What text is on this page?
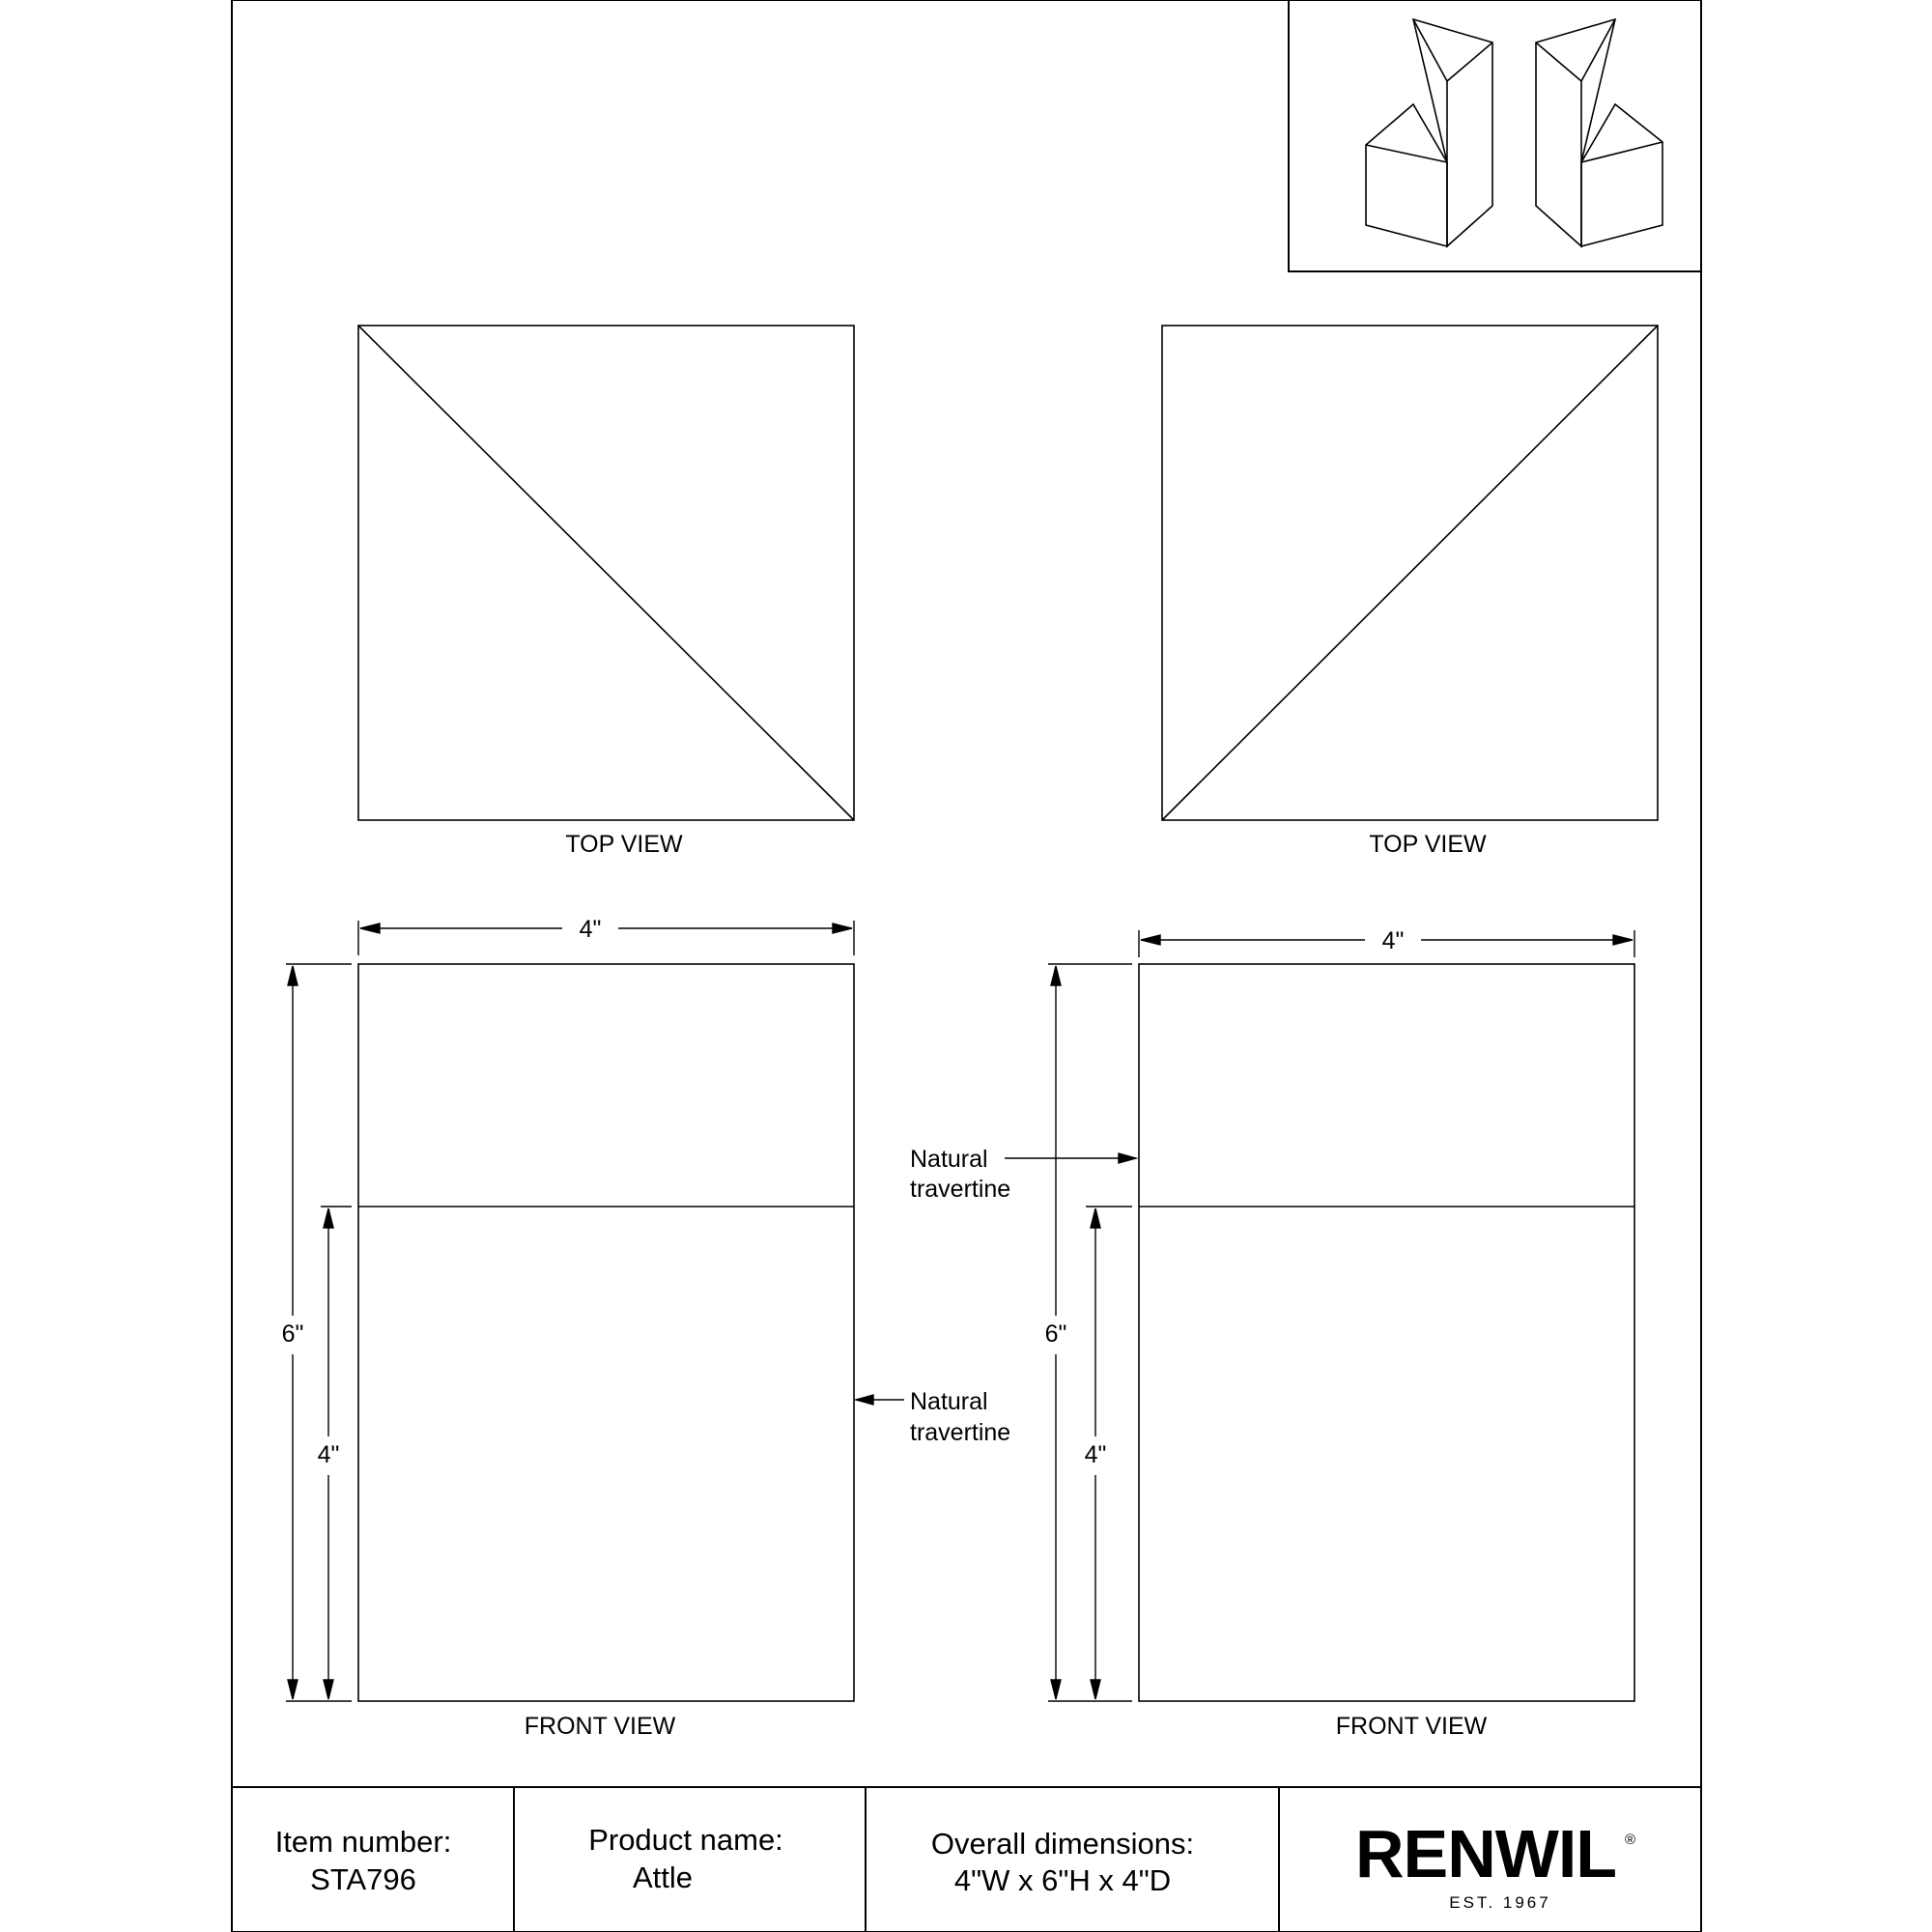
TOP VIEW	TOP VIEW
FRONT VIEW
4"
6"
4"
Natural
travertine
FRONT VIEW
4"
6"
4"
Natural
travertine
Item number:
STA796
Product name:
Attle
Overall dimensions:
4"W x 6"H x 4"D	RENWIL ®
EST. 1967
